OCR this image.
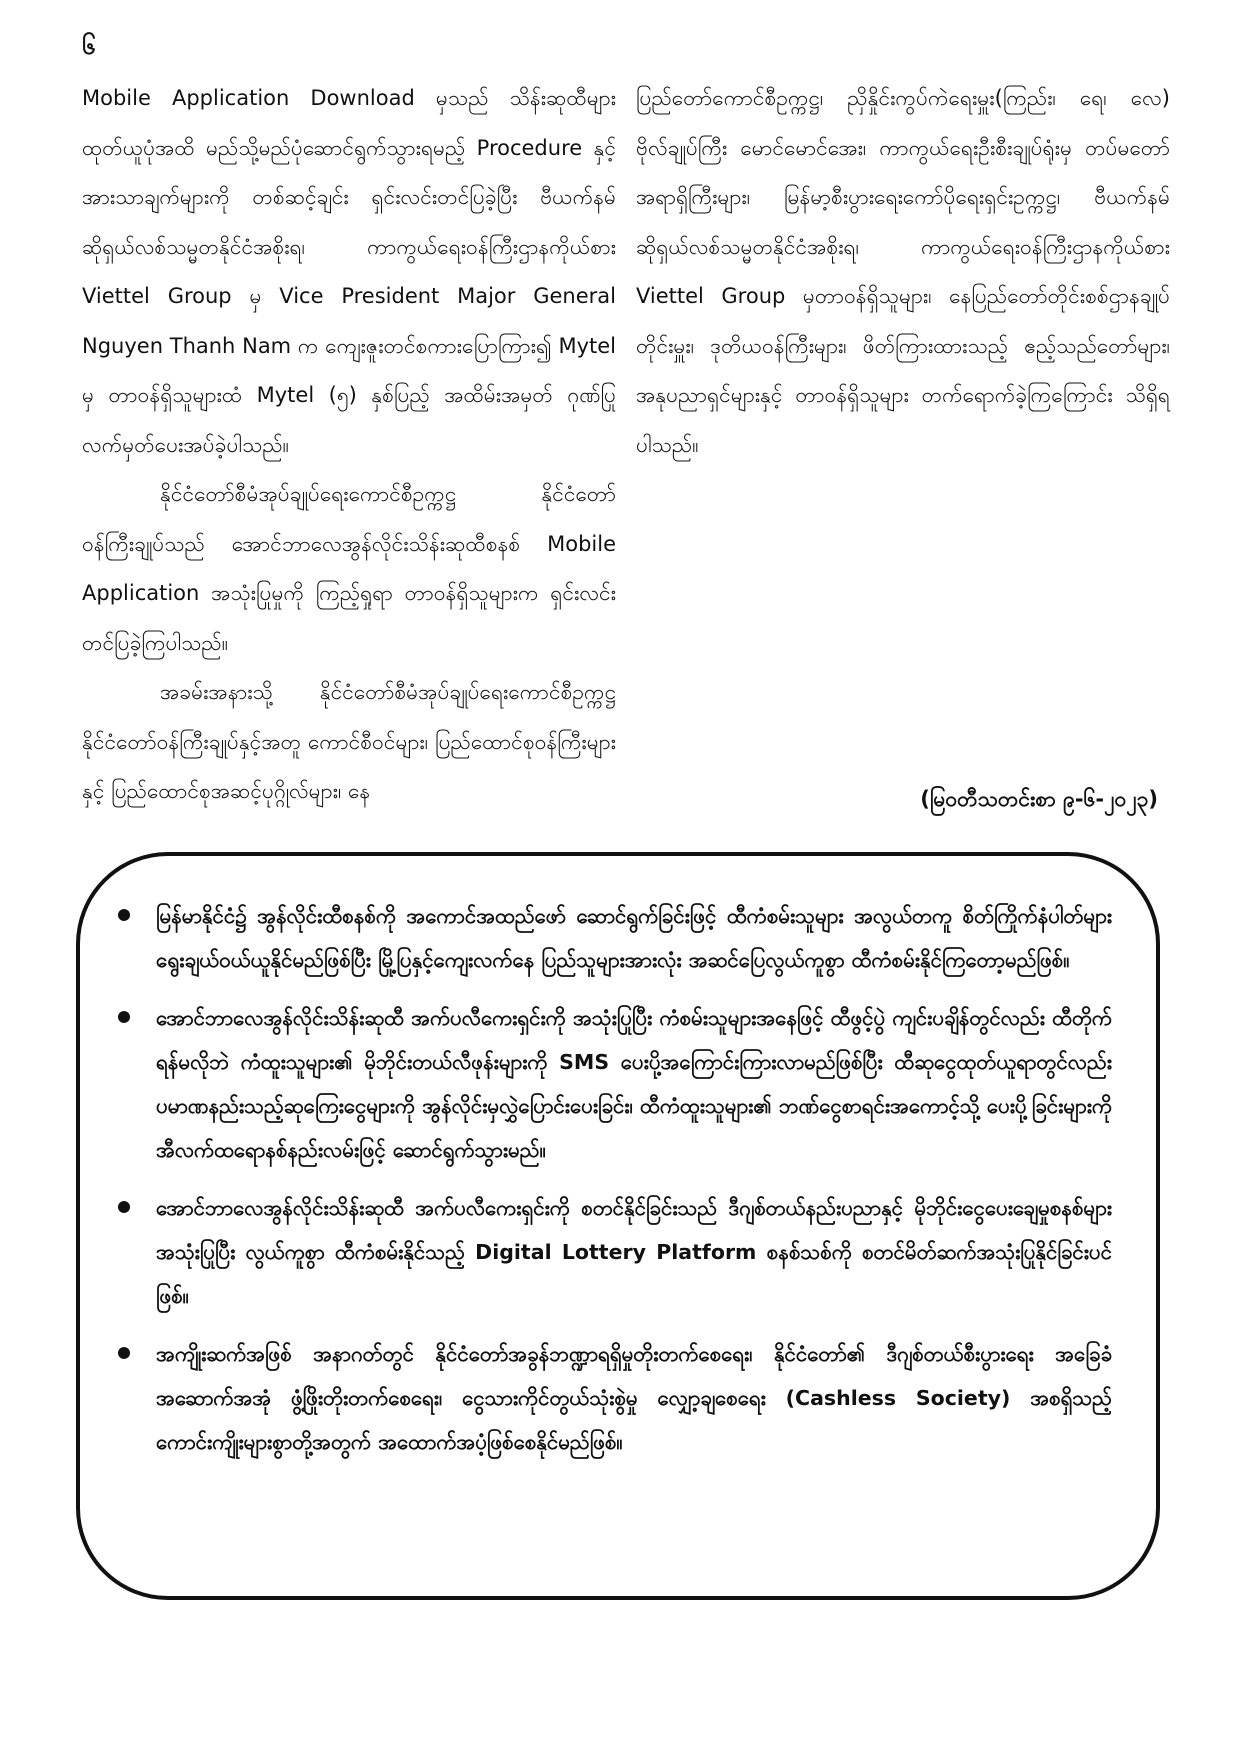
၆

Mobile Application Download မှသည် သိန်းဆုထီများ ထုတ်ယူပုံအထိ မည်သို့မည်ပုံဆောင်ရွက်သွားရမည့် Procedure နှင့်အားသာချက်များကို တစ်ဆင့်ချင်း ရှင်းလင်းတင်ပြခဲ့ပြီး ဗီယက်နမ်ဆိုရှယ်လစ်သမ္မတနိုင်ငံအစိုးရ၊ ကာကွယ်ရေးဝန်ကြီးဌာနကိုယ်စား Viettel Group မှ Vice President Major General Nguyen Thanh Nam က ကျေးဇူးတင်စကားပြောကြား၍ Mytel မှ တာဝန်ရှိသူများထံ Mytel (၅) နှစ်ပြည့် အထိမ်းအမှတ် ဂုဏ်ပြုလက်မှတ်ပေးအပ်ခဲ့ပါသည်။

နိုင်ငံတော်စီမံအုပ်ချုပ်ရေးကောင်စီဥက္ကဋ္ဌ နိုင်ငံတော်ဝန်ကြီးချုပ်သည် အောင်ဘာလေအွန်လိုင်းသိန်းဆုထီစနစ် Mobile Application အသုံးပြုမှုကို ကြည့်ရှုရာ တာဝန်ရှိသူများက ရှင်းလင်းတင်ပြခဲ့ကြပါသည်။

အခမ်းအနားသို့ နိုင်ငံတော်စီမံအုပ်ချုပ်ရေးကောင်စီဥက္ကဋ္ဌ နိုင်ငံတော်ဝန်ကြီးချုပ်နှင့်အတူ ကောင်စီဝင်များ၊ ပြည်ထောင်စုဝန်ကြီးများနှင့် ပြည်ထောင်စုအဆင့်ပုဂ္ဂိုလ်များ၊ နေ

ပြည်တော်ကောင်စီဥက္ကဋ္ဌ၊ ညှိနှိုင်းကွပ်ကဲရေးမှူး(ကြည်း၊ ရေ၊ လေ) ဗိုလ်ချုပ်ကြီး မောင်မောင်အေး၊ ကာကွယ်ရေးဦးစီးချုပ်ရုံးမှ တပ်မတော်အရာရှိကြီးများ၊ မြန်မာ့စီးပွားရေးကော်ပိုရေးရှင်းဥက္ကဋ္ဌ၊ ဗီယက်နမ်ဆိုရှယ်လစ်သမ္မတနိုင်ငံအစိုးရ၊ ကာကွယ်ရေးဝန်ကြီးဌာနကိုယ်စား Viettel Group မှတာဝန်ရှိသူများ၊ နေပြည်တော်တိုင်းစစ်ဌာနချုပ် တိုင်းမှူး၊ ဒုတိယဝန်ကြီးများ၊ ဖိတ်ကြားထားသည့် ဧည့်သည်တော်များ၊ အနုပညာရှင်များနှင့် တာဝန်ရှိသူများ တက်ရောက်ခဲ့ကြကြောင်း သိရှိရပါသည်။

(မြဝတီသတင်းစာ ၉-၆-၂၀၂၃)
မြန်မာနိုင်ငံ၌ အွန်လိုင်းထီစနစ်ကို အကောင်အထည်ဖော် ဆောင်ရွက်ခြင်းဖြင့် ထီကံစမ်းသူများ အလွယ်တကူ စိတ်ကြိုက်နံပါတ်များ ရွေးချယ်ဝယ်ယူနိုင်မည်ဖြစ်ပြီး မြို့ပြနှင့်ကျေးလက်နေ ပြည်သူများအားလုံး အဆင်ပြေလွယ်ကူစွာ ထီကံစမ်းနိုင်ကြတော့မည်ဖြစ်။
အောင်ဘာလေအွန်လိုင်းသိန်းဆုထီ အက်ပလီကေးရှင်းကို အသုံးပြုပြီး ကံစမ်းသူများအနေဖြင့် ထီဖွင့်ပွဲ ကျင်းပချိန်တွင်လည်း ထီတိုက်ရန်မလိုဘဲ ကံထူးသူများ၏ မိုဘိုင်းတယ်လီဖုန်းများကို SMS ပေးပို့အကြောင်းကြားလာမည်ဖြစ်ပြီး ထီဆုငွေထုတ်ယူရာတွင်လည်း ပမာဏနည်းသည့်ဆုကြေးငွေများကို အွန်လိုင်းမှလွှဲပြောင်းပေးခြင်း၊ ထီကံထူးသူများ၏ ဘဏ်ငွေစာရင်းအကောင့်သို့ ပေးပို့ခြင်းများကို အီလက်ထရောနစ်နည်းလမ်းဖြင့် ဆောင်ရွက်သွားမည်။
အောင်ဘာလေအွန်လိုင်းသိန်းဆုထီ အက်ပလီကေးရှင်းကို စတင်နိုင်ခြင်းသည် ဒီဂျစ်တယ်နည်းပညာနှင့် မိုဘိုင်းငွေပေးချေမှုစနစ်များ အသုံးပြုပြီး လွယ်ကူစွာ ထီကံစမ်းနိုင်သည့် Digital Lottery Platform စနစ်သစ်ကို စတင်မိတ်ဆက်အသုံးပြုနိုင်ခြင်းပင်ဖြစ်။
အကျိုးဆက်အဖြစ် အနာဂတ်တွင် နိုင်ငံတော်အခွန်ဘဏ္ဍာရရှိမှုတိုးတက်စေရေး၊ နိုင်ငံတော်၏ ဒီဂျစ်တယ်စီးပွားရေး အခြေခံအဆောက်အအုံ ဖွံ့ဖြိုးတိုးတက်စေရေး၊ ငွေသားကိုင်တွယ်သုံးစွဲမှု လျှော့ချစေရေး (Cashless Society) အစရှိသည့် ကောင်းကျိုးများစွာတို့အတွက် အထောက်အပံ့ဖြစ်စေနိုင်မည်ဖြစ်။
